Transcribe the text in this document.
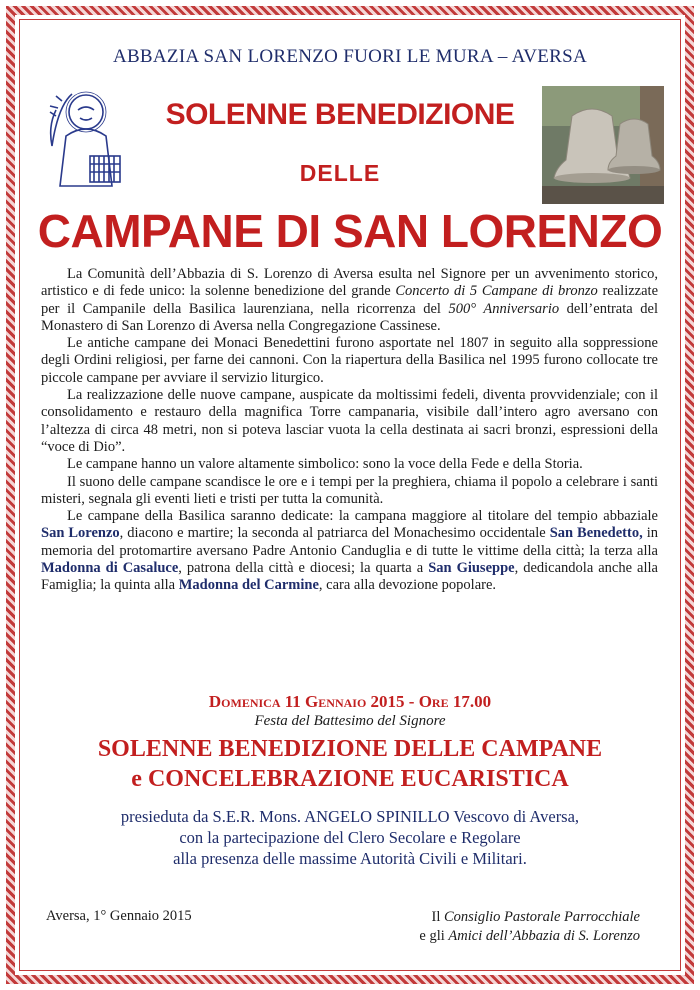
ABBAZIA SAN LORENZO FUORI LE MURA – AVERSA
SOLENNE BENEDIZIONE
DELLE
CAMPANE DI SAN LORENZO

La Comunità dell’Abbazia di S. Lorenzo di Aversa esulta nel Signore per un avvenimento storico, artistico e di fede unico: la solenne benedizione del grande Concerto di 5 Campane di bronzo realizzate per il Campanile della Basilica laurenziana, nella ricorrenza del 500° Anniversario dell’entrata del Monastero di San Lorenzo di Aversa nella Congregazione Cassinese.

Le antiche campane dei Monaci Benedettini furono asportate nel 1807 in seguito alla soppressione degli Ordini religiosi, per farne dei cannoni. Con la riapertura della Basilica nel 1995 furono collocate tre piccole campane per avviare il servizio liturgico.

La realizzazione delle nuove campane, auspicate da moltissimi fedeli, diventa provvidenziale; con il consolidamento e restauro della magnifica Torre campanaria, visibile dall’intero agro aversano con l’altezza di circa 48 metri, non si poteva lasciar vuota la cella destinata ai sacri bronzi, espressioni della “voce di Dio”.

Le campane hanno un valore altamente simbolico: sono la voce della Fede e della Storia.

Il suono delle campane scandisce le ore e i tempi per la preghiera, chiama il popolo a celebrare i santi misteri, segnala gli eventi lieti e tristi per tutta la comunità.

Le campane della Basilica saranno dedicate: la campana maggiore al titolare del tempio abbaziale San Lorenzo, diacono e martire; la seconda al patriarca del Monachesimo occidentale San Benedetto, in memoria del protomartire aversano Padre Antonio Canduglia e di tutte le vittime della città; la terza alla Madonna di Casaluce, patrona della città e diocesi; la quarta a San Giuseppe, dedicandola anche alla Famiglia; la quinta alla Madonna del Carmine, cara alla devozione popolare.

Domenica 11 Gennaio 2015 - Ore 17.00
Festa del Battesimo del Signore
SOLENNE BENEDIZIONE DELLE CAMPANE
e CONCELEBRAZIONE EUCARISTICA
presieduta da S.E.R. Mons. ANGELO SPINILLO Vescovo di Aversa,
con la partecipazione del Clero Secolare e Regolare
alla presenza delle massime Autorità Civili e Militari.
Aversa, 1° Gennaio 2015	Il Consiglio Pastorale Parrocchiale
e gli Amici dell’Abbazia di S. Lorenzo
